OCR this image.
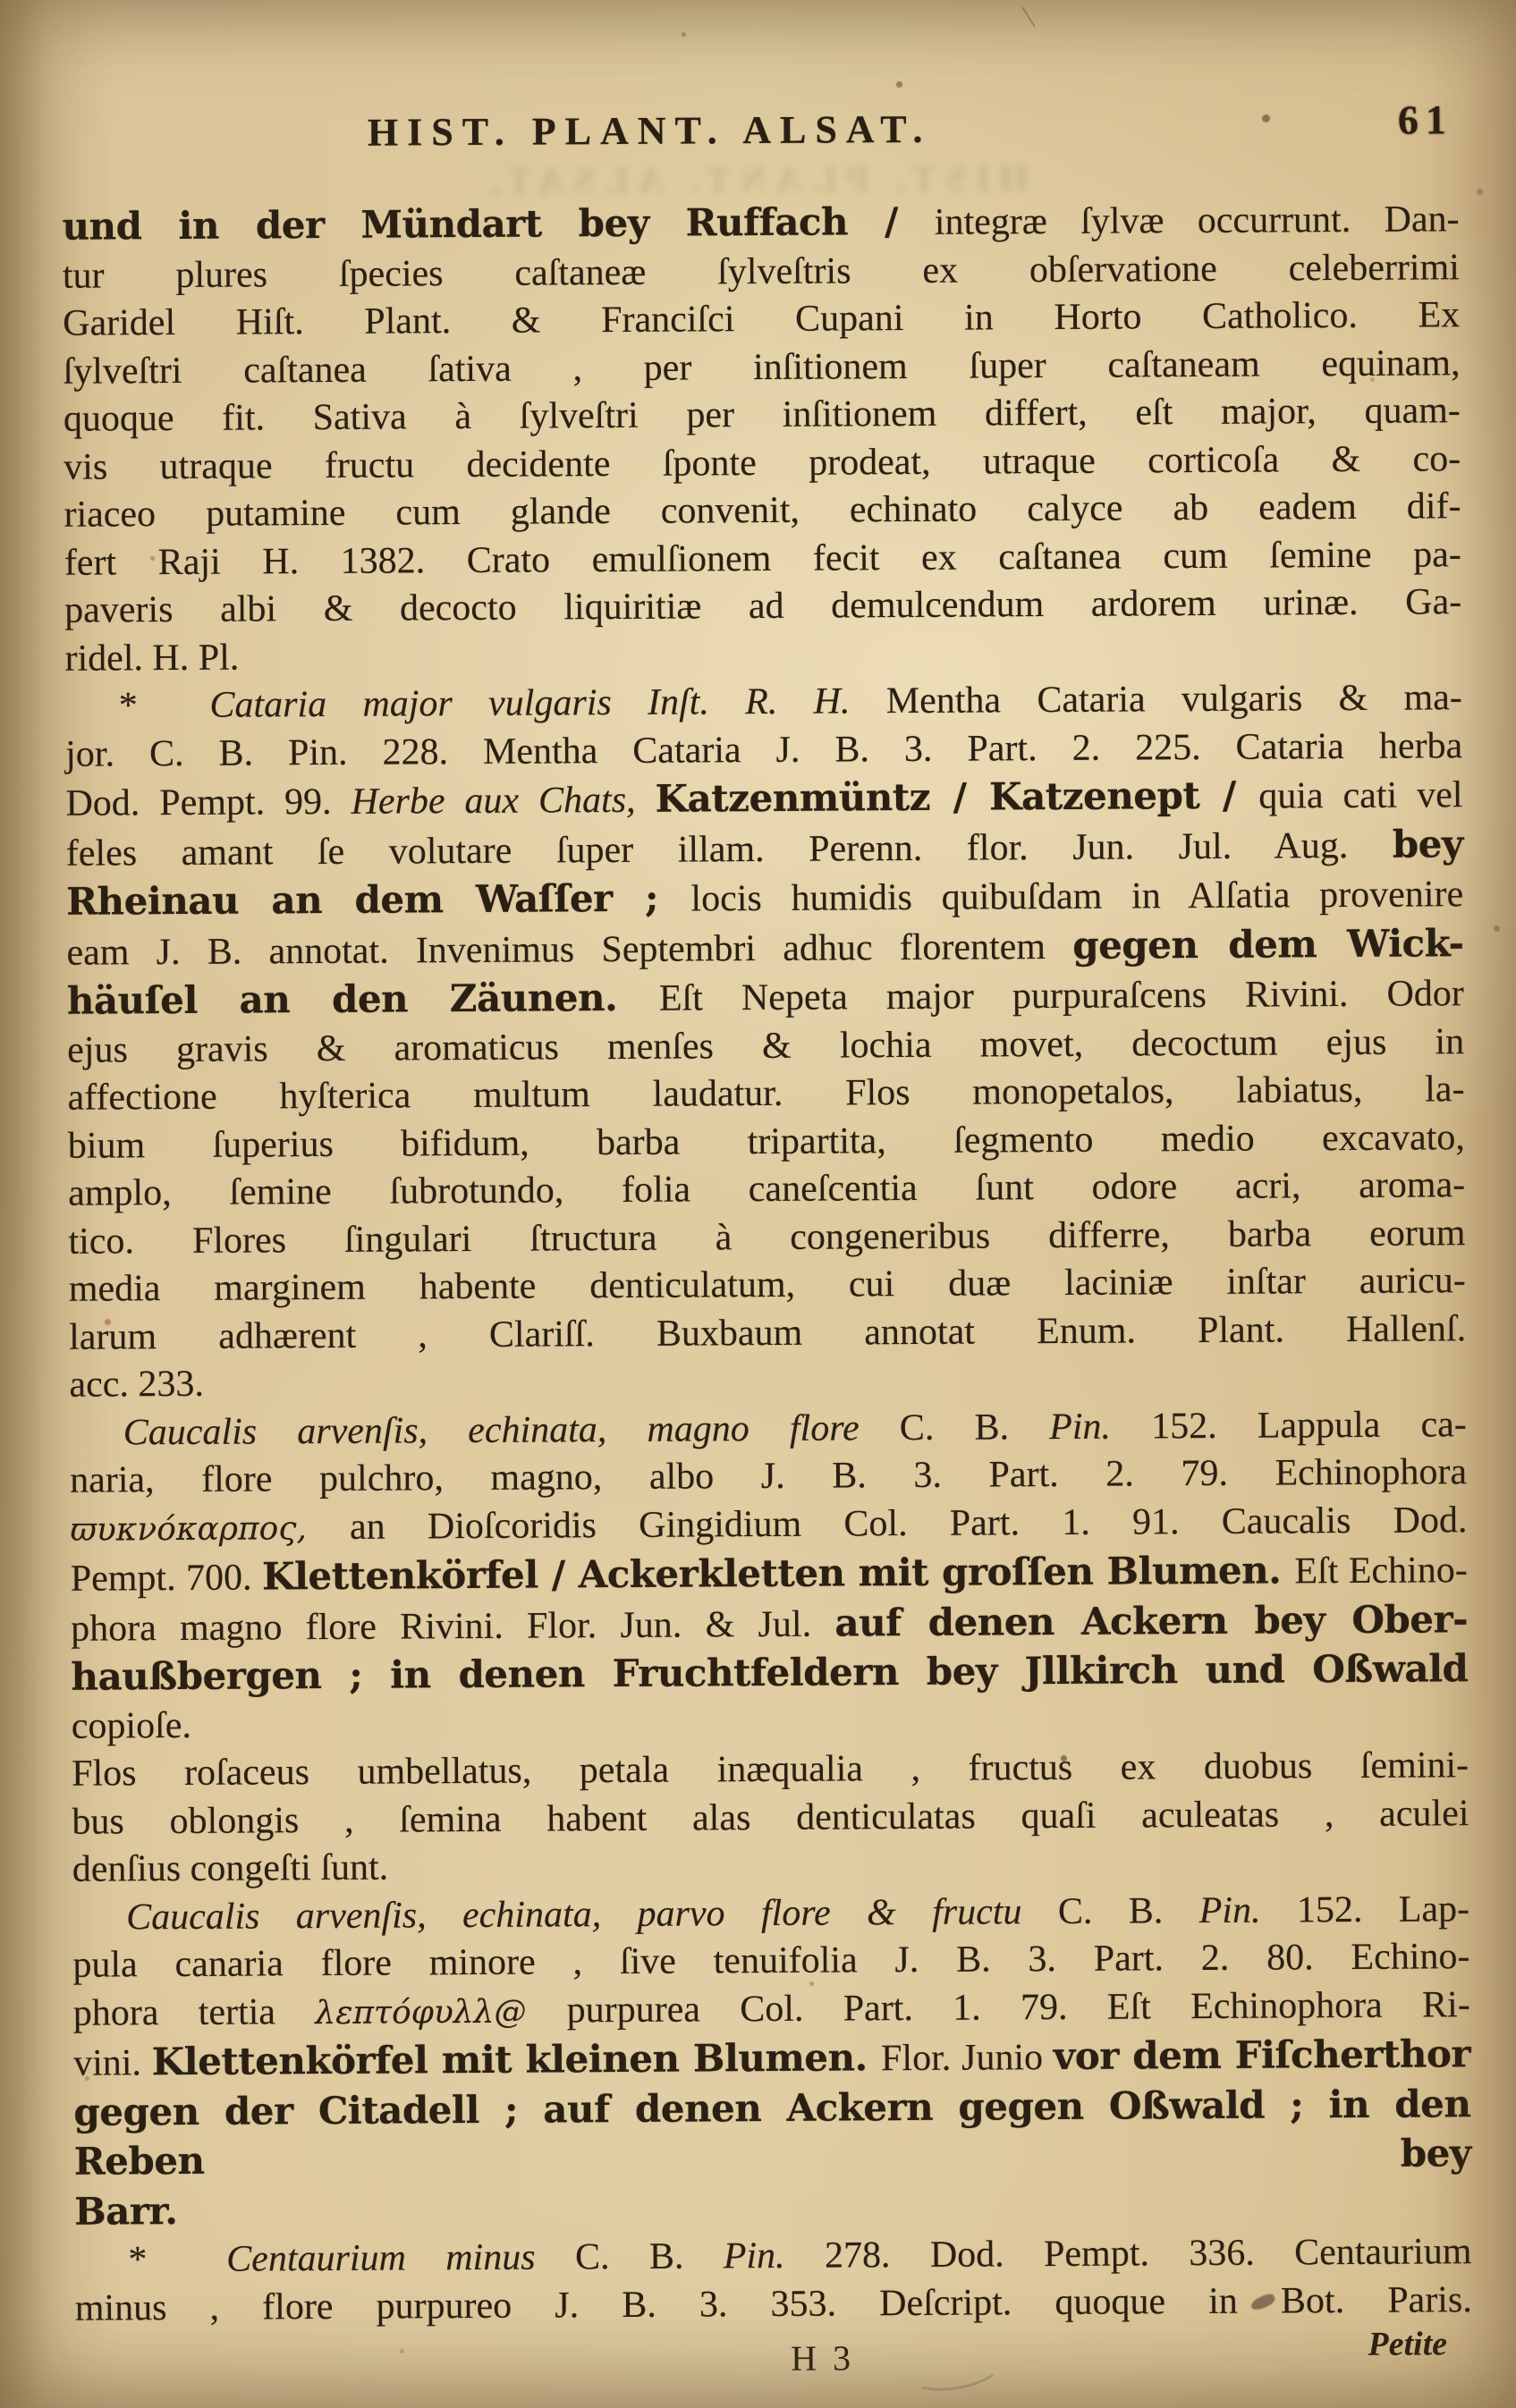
HIST. PLANT. ALSAT.
HIST. PLANT. ALSAT.	61
und in der Mündart bey Ruffach / integræ ſylvæ occurrunt. Dan-
tur plures ſpecies caſtaneæ ſylveſtris ex obſervatione celeberrimi
Garidel Hiſt. Plant. & Franciſci Cupani in Horto Catholico. Ex
ſylveſtri caſtanea ſativa , per inſitionem ſuper caſtaneam equinam,
quoque fit. Sativa à ſylveſtri per inſitionem differt, eſt major, quam-
vis utraque fructu decidente ſponte prodeat, utraque corticoſa & co-
riaceo putamine cum glande convenit, echinato calyce ab eadem dif-
fert Raji H. 1382. Crato emulſionem fecit ex caſtanea cum ſemine pa-
paveris albi & decocto liquiritiæ ad demulcendum ardorem urinæ. Ga-
ridel. H. Pl.
*  Cataria major vulgaris Inſt. R. H. Mentha Cataria vulgaris & ma-
jor. C. B. Pin. 228. Mentha Cataria J. B. 3. Part. 2. 225. Cataria herba
Dod. Pempt. 99. Herbe aux Chats, Katzenmüntz / Katzenept / quia cati vel
feles amant ſe volutare ſuper illam. Perenn. flor. Jun. Jul. Aug. bey
Rheinau an dem Waſſer ; locis humidis quibuſdam in Alſatia provenire
eam J. B. annotat. Invenimus Septembri adhuc florentem gegen dem Wick-
häuſel an den Zäunen. Eſt Nepeta major purpuraſcens Rivini. Odor
ejus gravis & aromaticus menſes & lochia movet, decoctum ejus in
affectione hyſterica multum laudatur. Flos monopetalos, labiatus, la-
bium ſuperius bifidum, barba tripartita, ſegmento medio excavato,
amplo, ſemine ſubrotundo, folia caneſcentia ſunt odore acri, aroma-
tico. Flores ſingulari ſtructura à congeneribus differre, barba eorum
media marginem habente denticulatum, cui duæ laciniæ inſtar auricu-
larum adhærent , Clariſſ. Buxbaum annotat Enum. Plant. Hallenſ.
acc. 233.
Caucalis arvenſis, echinata, magno flore C. B. Pin. 152. Lappula ca-
naria, flore pulchro, magno, albo J. B. 3. Part. 2. 79. Echinophora
ϖυκνόκαρπος, an Dioſcoridis Gingidium Col. Part. 1. 91. Caucalis Dod.
Pempt. 700. Klettenkörfel / Ackerkletten mit groſſen Blumen. Eſt Echino-
phora magno flore Rivini. Flor. Jun. & Jul. auf denen Ackern bey Ober-
haußbergen ; in denen Fruchtfeldern bey Jllkirch und Oßwald copioſe.
Flos roſaceus umbellatus, petala inæqualia , fructus ex duobus ſemini-
bus oblongis , ſemina habent alas denticulatas quaſi aculeatas , aculei
denſius congeſti ſunt.
Caucalis arvenſis, echinata, parvo flore & fructu C. B. Pin. 152. Lap-
pula canaria flore minore , ſive tenuifolia J. B. 3. Part. 2. 80. Echino-
phora tertia λεπτόφυλλ@ purpurea Col. Part. 1. 79. Eſt Echinophora Ri-
vini. Klettenkörfel mit kleinen Blumen. Flor. Junio vor dem Fiſcherthor
gegen der Citadell ; auf denen Ackern gegen Oßwald ; in den Reben bey
Barr.
*  Centaurium minus C. B. Pin. 278. Dod. Pempt. 336. Centaurium
minus , flore purpureo J. B. 3. 353. Deſcript. quoque in Bot. Paris.
H 3	Petite
